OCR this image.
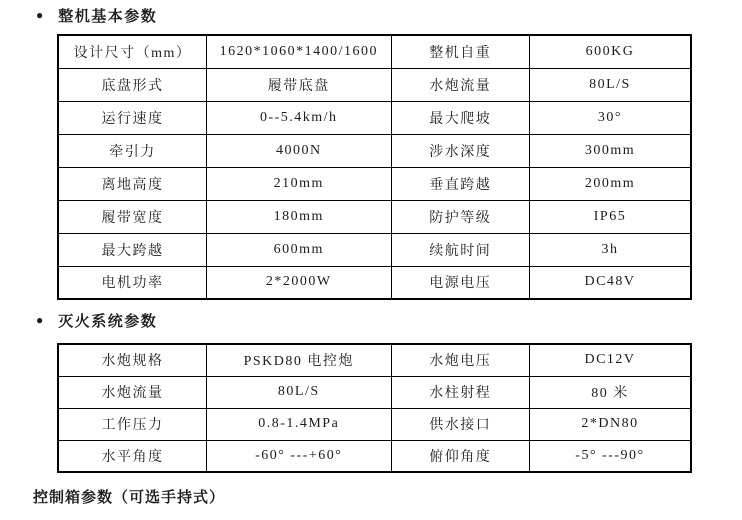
● 整机基本参数
设计尺寸（mm）	1620*1060*1400/1600	整机自重	600KG
底盘形式	履带底盘	水炮流量	80L/S
运行速度	0--5.4km/h	最大爬坡	30°
牵引力	4000N	涉水深度	300mm
离地高度	210mm	垂直跨越	200mm
履带宽度	180mm	防护等级	IP65
最大跨越	600mm	续航时间	3h
电机功率	2*2000W	电源电压	DC48V
● 灭火系统参数
水炮规格	PSKD80 电控炮	水炮电压	DC12V
水炮流量	80L/S	水柱射程	80 米
工作压力	0.8-1.4MPa	供水接口	2*DN80
水平角度	-60° ---+60°	俯仰角度	-5° ---90°
控制箱参数（可选手持式）
